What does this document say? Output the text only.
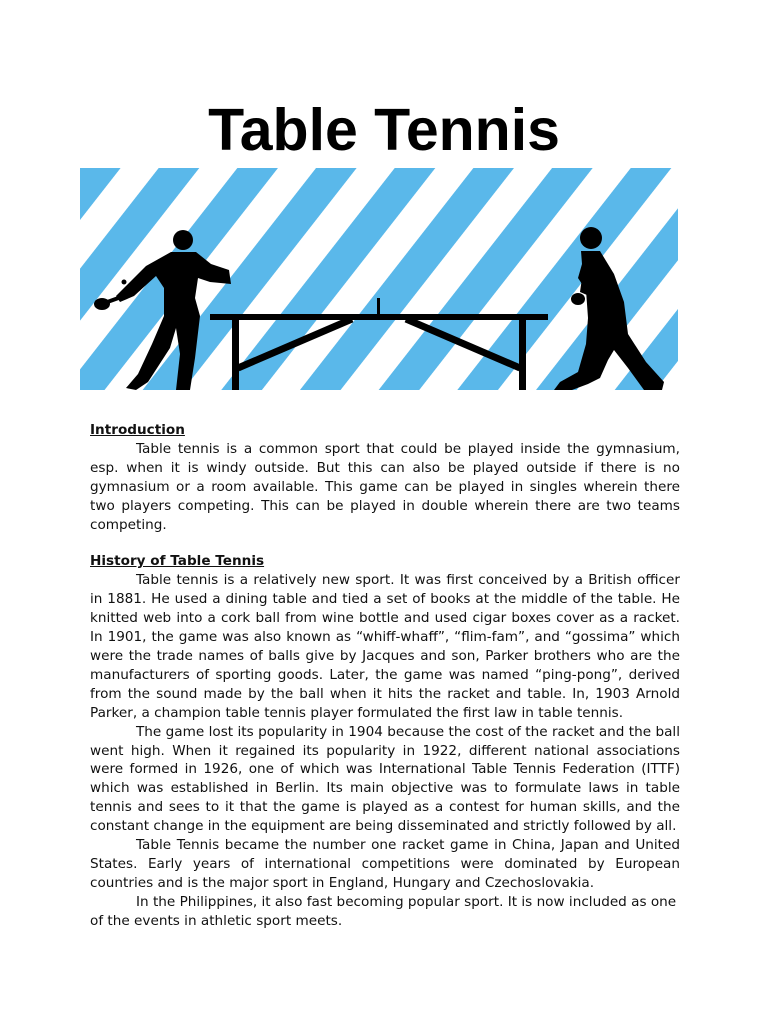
Table Tennis

Introduction

Table tennis is a common sport that could be played inside the gymnasium, esp. when it is windy outside. But this can also be played outside if there is no gymnasium or a room available. This game can be played in singles wherein there two players competing. This can be played in double wherein there are two teams competing.

History of Table Tennis

Table tennis is a relatively new sport. It was first conceived by a British officer in 1881. He used a dining table and tied a set of books at the middle of the table. He knitted web into a cork ball from wine bottle and used cigar boxes cover as a racket. In 1901, the game was also known as “whiff-whaff”, “flim-fam”, and “gossima” which were the trade names of balls give by Jacques and son, Parker brothers who are the manufacturers of sporting goods. Later, the game was named “ping-pong”, derived from the sound made by the ball when it hits the racket and table. In, 1903 Arnold Parker, a champion table tennis player formulated the first law in table tennis.

The game lost its popularity in 1904 because the cost of the racket and the ball went high. When it regained its popularity in 1922, different national associations were formed in 1926, one of which was International Table Tennis Federation (ITTF) which was established in Berlin. Its main objective was to formulate laws in table tennis and sees to it that the game is played as a contest for human skills, and the constant change in the equipment are being disseminated and strictly followed by all.

Table Tennis became the number one racket game in China, Japan and United States. Early years of international competitions were dominated by European countries and is the major sport in England, Hungary and Czechoslovakia.

In the Philippines, it also fast becoming popular sport. It is now included as one of the events in athletic sport meets.
